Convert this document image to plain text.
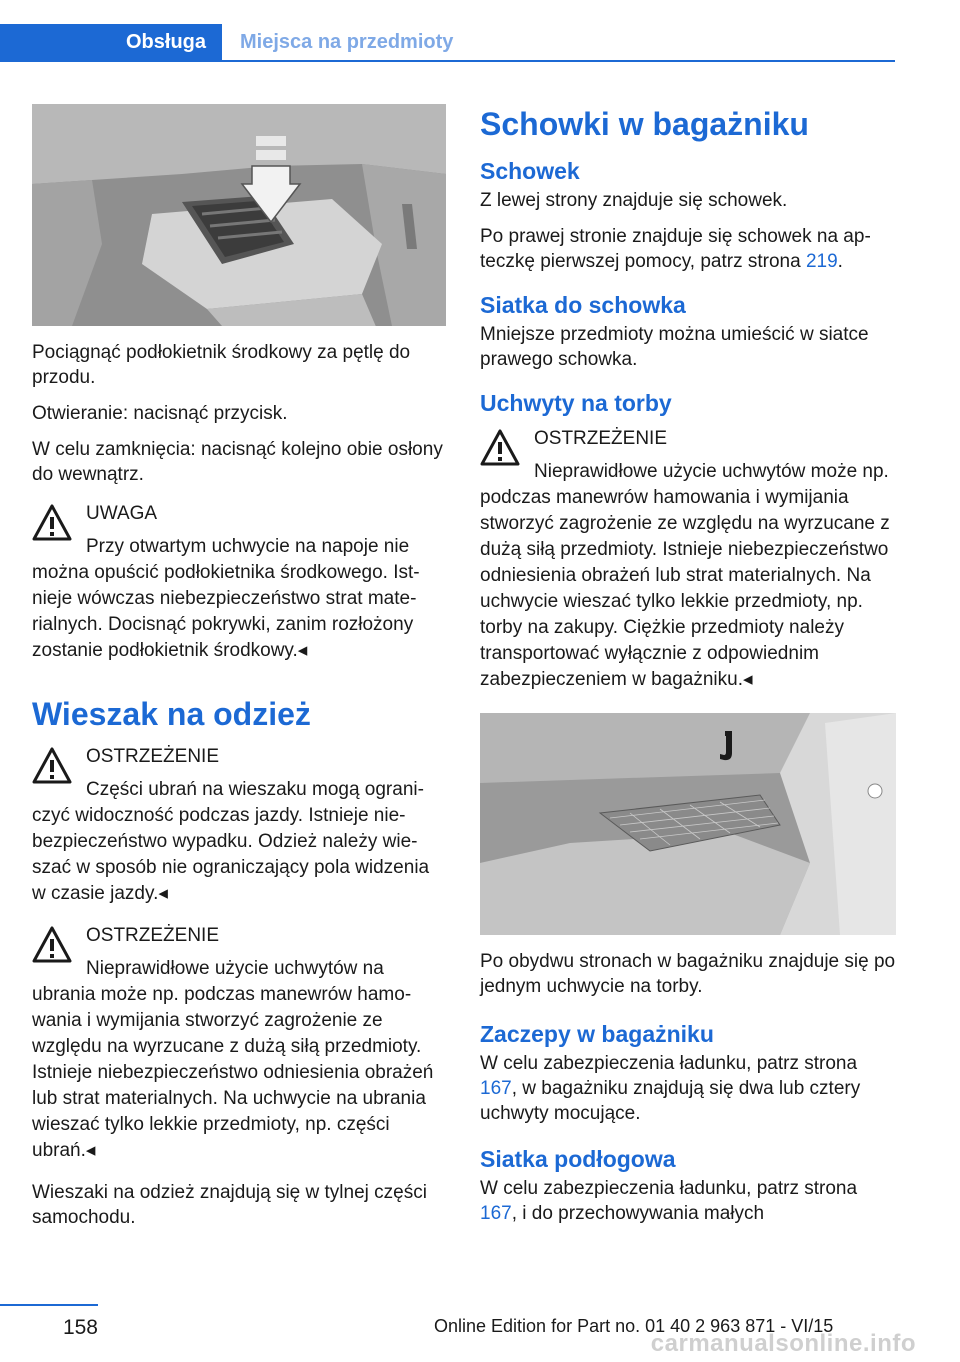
Obsługa	Miejsca na przedmioty

Pociągnąć podłokietnik środkowy za pętlę do przodu.

Otwieranie: nacisnąć przycisk.

W celu zamknięcia: nacisnąć kolejno obie osłony do wewnątrz.

UWAGA
Przy otwartym uchwycie na napoje nie można opuścić podłokietnika środkowego. Istnieje wówczas niebezpieczeństwo strat materialnych. Docisnąć pokrywki, zanim rozłożony zostanie podłokietnik środkowy.◂
Wieszak na odzież
OSTRZEŻENIE
Części ubrań na wieszaku mogą ograniczyć widoczność podczas jazdy. Istnieje niebezpieczeństwo wypadku. Odzież należy wieszać w sposób nie ograniczający pola widzenia w czasie jazdy.◂
OSTRZEŻENIE
Nieprawidłowe użycie uchwytów na ubrania może np. podczas manewrów hamowania i wymijania stworzyć zagrożenie ze względu na wyrzucane z dużą siłą przedmioty. Istnieje niebezpieczeństwo odniesienia obrażeń lub strat materialnych. Na uchwycie na ubrania wieszać tylko lekkie przedmioty, np. części ubrań.◂

Wieszaki na odzież znajdują się w tylnej części samochodu.

Schowki w bagażniku
Schowek

Z lewej strony znajduje się schowek.

Po prawej stronie znajduje się schowek na apteczkę pierwszej pomocy, patrz strona 219.

Siatka do schowka

Mniejsze przedmioty można umieścić w siatce prawego schowka.

Uchwyty na torby
OSTRZEŻENIE
Nieprawidłowe użycie uchwytów może np. podczas manewrów hamowania i wymijania stworzyć zagrożenie ze względu na wyrzucane z dużą siłą przedmioty. Istnieje niebezpieczeństwo odniesienia obrażeń lub strat materialnych. Na uchwycie wieszać tylko lekkie przedmioty, np. torby na zakupy. Ciężkie przedmioty należy transportować wyłącznie z odpowiednim zabezpieczeniem w bagażniku.◂

Po obydwu stronach w bagażniku znajduje się po jednym uchwycie na torby.

Zaczepy w bagażniku

W celu zabezpieczenia ładunku, patrz strona 167, w bagażniku znajdują się dwa lub cztery uchwyty mocujące.

Siatka podłogowa

W celu zabezpieczenia ładunku, patrz strona 167, i do przechowywania małych

158	Online Edition for Part no. 01 40 2 963 871 - VI/15
carmanualsonline.info
